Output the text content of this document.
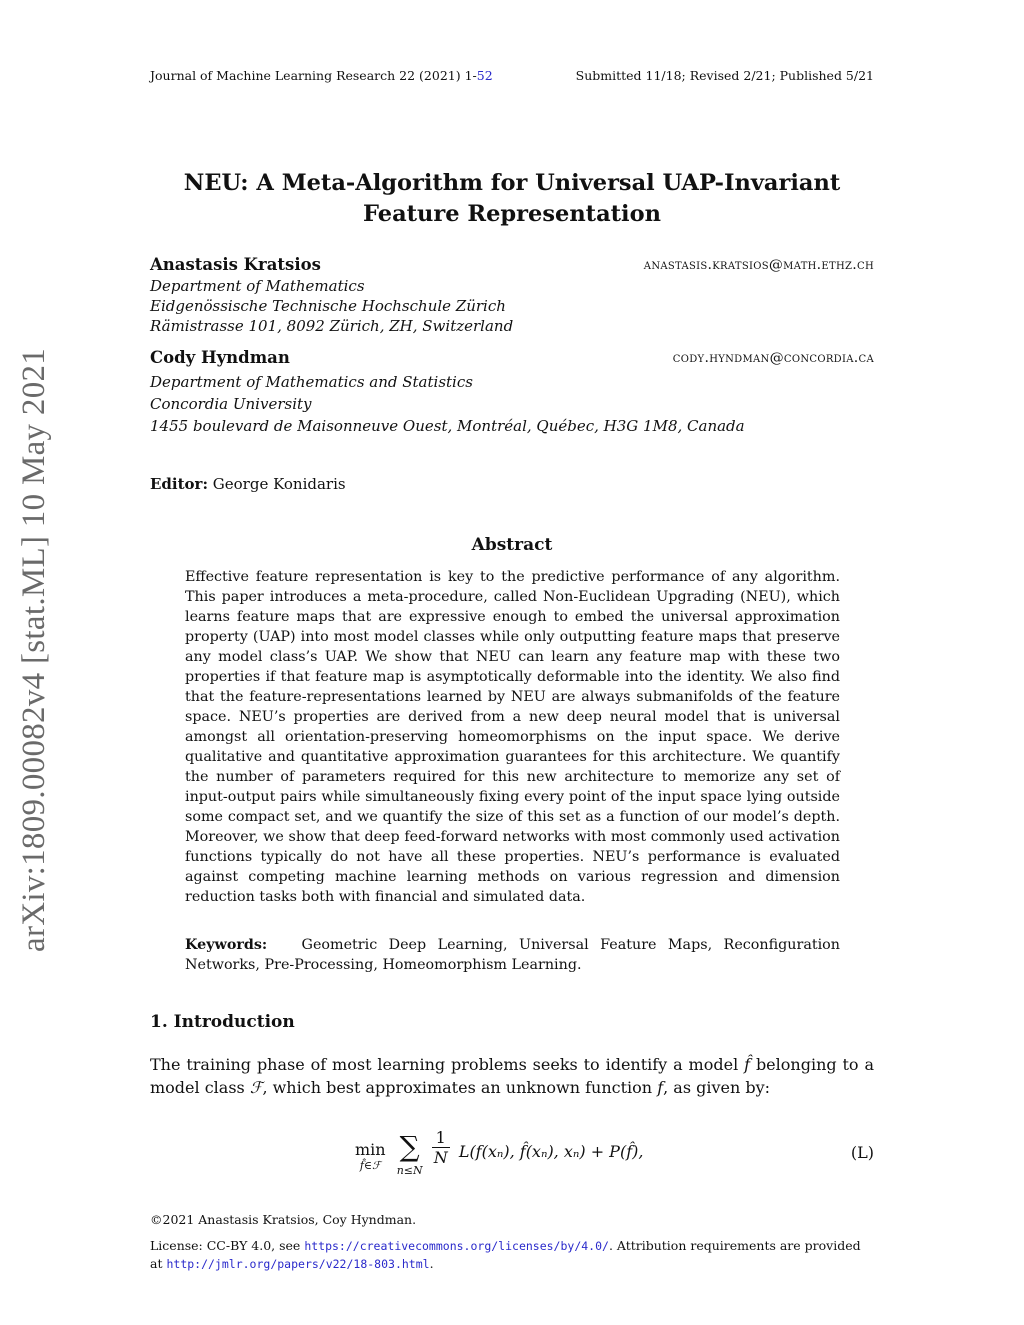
Journal of Machine Learning Research 22 (2021) 1-52	Submitted 11/18; Revised 2/21; Published 5/21
arXiv:1809.00082v4 [stat.ML] 10 May 2021
NEU: A Meta-Algorithm for Universal UAP-Invariant
Feature Representation
Anastasis Kratsios	anastasis.kratsios@math.ethz.ch
Department of Mathematics
Eidgenössische Technische Hochschule Zürich
Rämistrasse 101, 8092 Zürich, ZH, Switzerland
Cody Hyndman	cody.hyndman@concordia.ca
Department of Mathematics and Statistics
Concordia University
1455 boulevard de Maisonneuve Ouest, Montréal, Québec, H3G 1M8, Canada
Editor: George Konidaris
Abstract
Effective feature representation is key to the predictive performance of any algorithm. This paper introduces a meta-procedure, called Non-Euclidean Upgrading (NEU), which learns feature maps that are expressive enough to embed the universal approximation property (UAP) into most model classes while only outputting feature maps that preserve any model class’s UAP. We show that NEU can learn any feature map with these two properties if that feature map is asymptotically deformable into the identity. We also find that the feature-representations learned by NEU are always submanifolds of the feature space. NEU’s properties are derived from a new deep neural model that is universal amongst all orientation-preserving homeomorphisms on the input space. We derive qualitative and quantitative approximation guarantees for this architecture. We quantify the number of parameters required for this new architecture to memorize any set of input-output pairs while simultaneously fixing every point of the input space lying outside some compact set, and we quantify the size of this set as a function of our model’s depth. Moreover, we show that deep feed-forward networks with most commonly used activation functions typically do not have all these properties. NEU’s performance is evaluated against competing machine learning methods on various regression and dimension reduction tasks both with financial and simulated data.
Keywords: Geometric Deep Learning, Universal Feature Maps, Reconfiguration Networks, Pre-Processing, Homeomorphism Learning.
1. Introduction
The training phase of most learning problems seeks to identify a model f̂ belonging to a model class ℱ, which best approximates an unknown function f, as given by:
min
f̂∈ℱ

∑
n≤N

$\frac{1}{N} L(f(x_n)$, f̂(xₙ), xₙ) + P(f̂),	(L)
©2021 Anastasis Kratsios, Coy Hyndman.
License: CC-BY 4.0, see https://creativecommons.org/licenses/by/4.0/. Attribution requirements are provided
at http://jmlr.org/papers/v22/18-803.html.
